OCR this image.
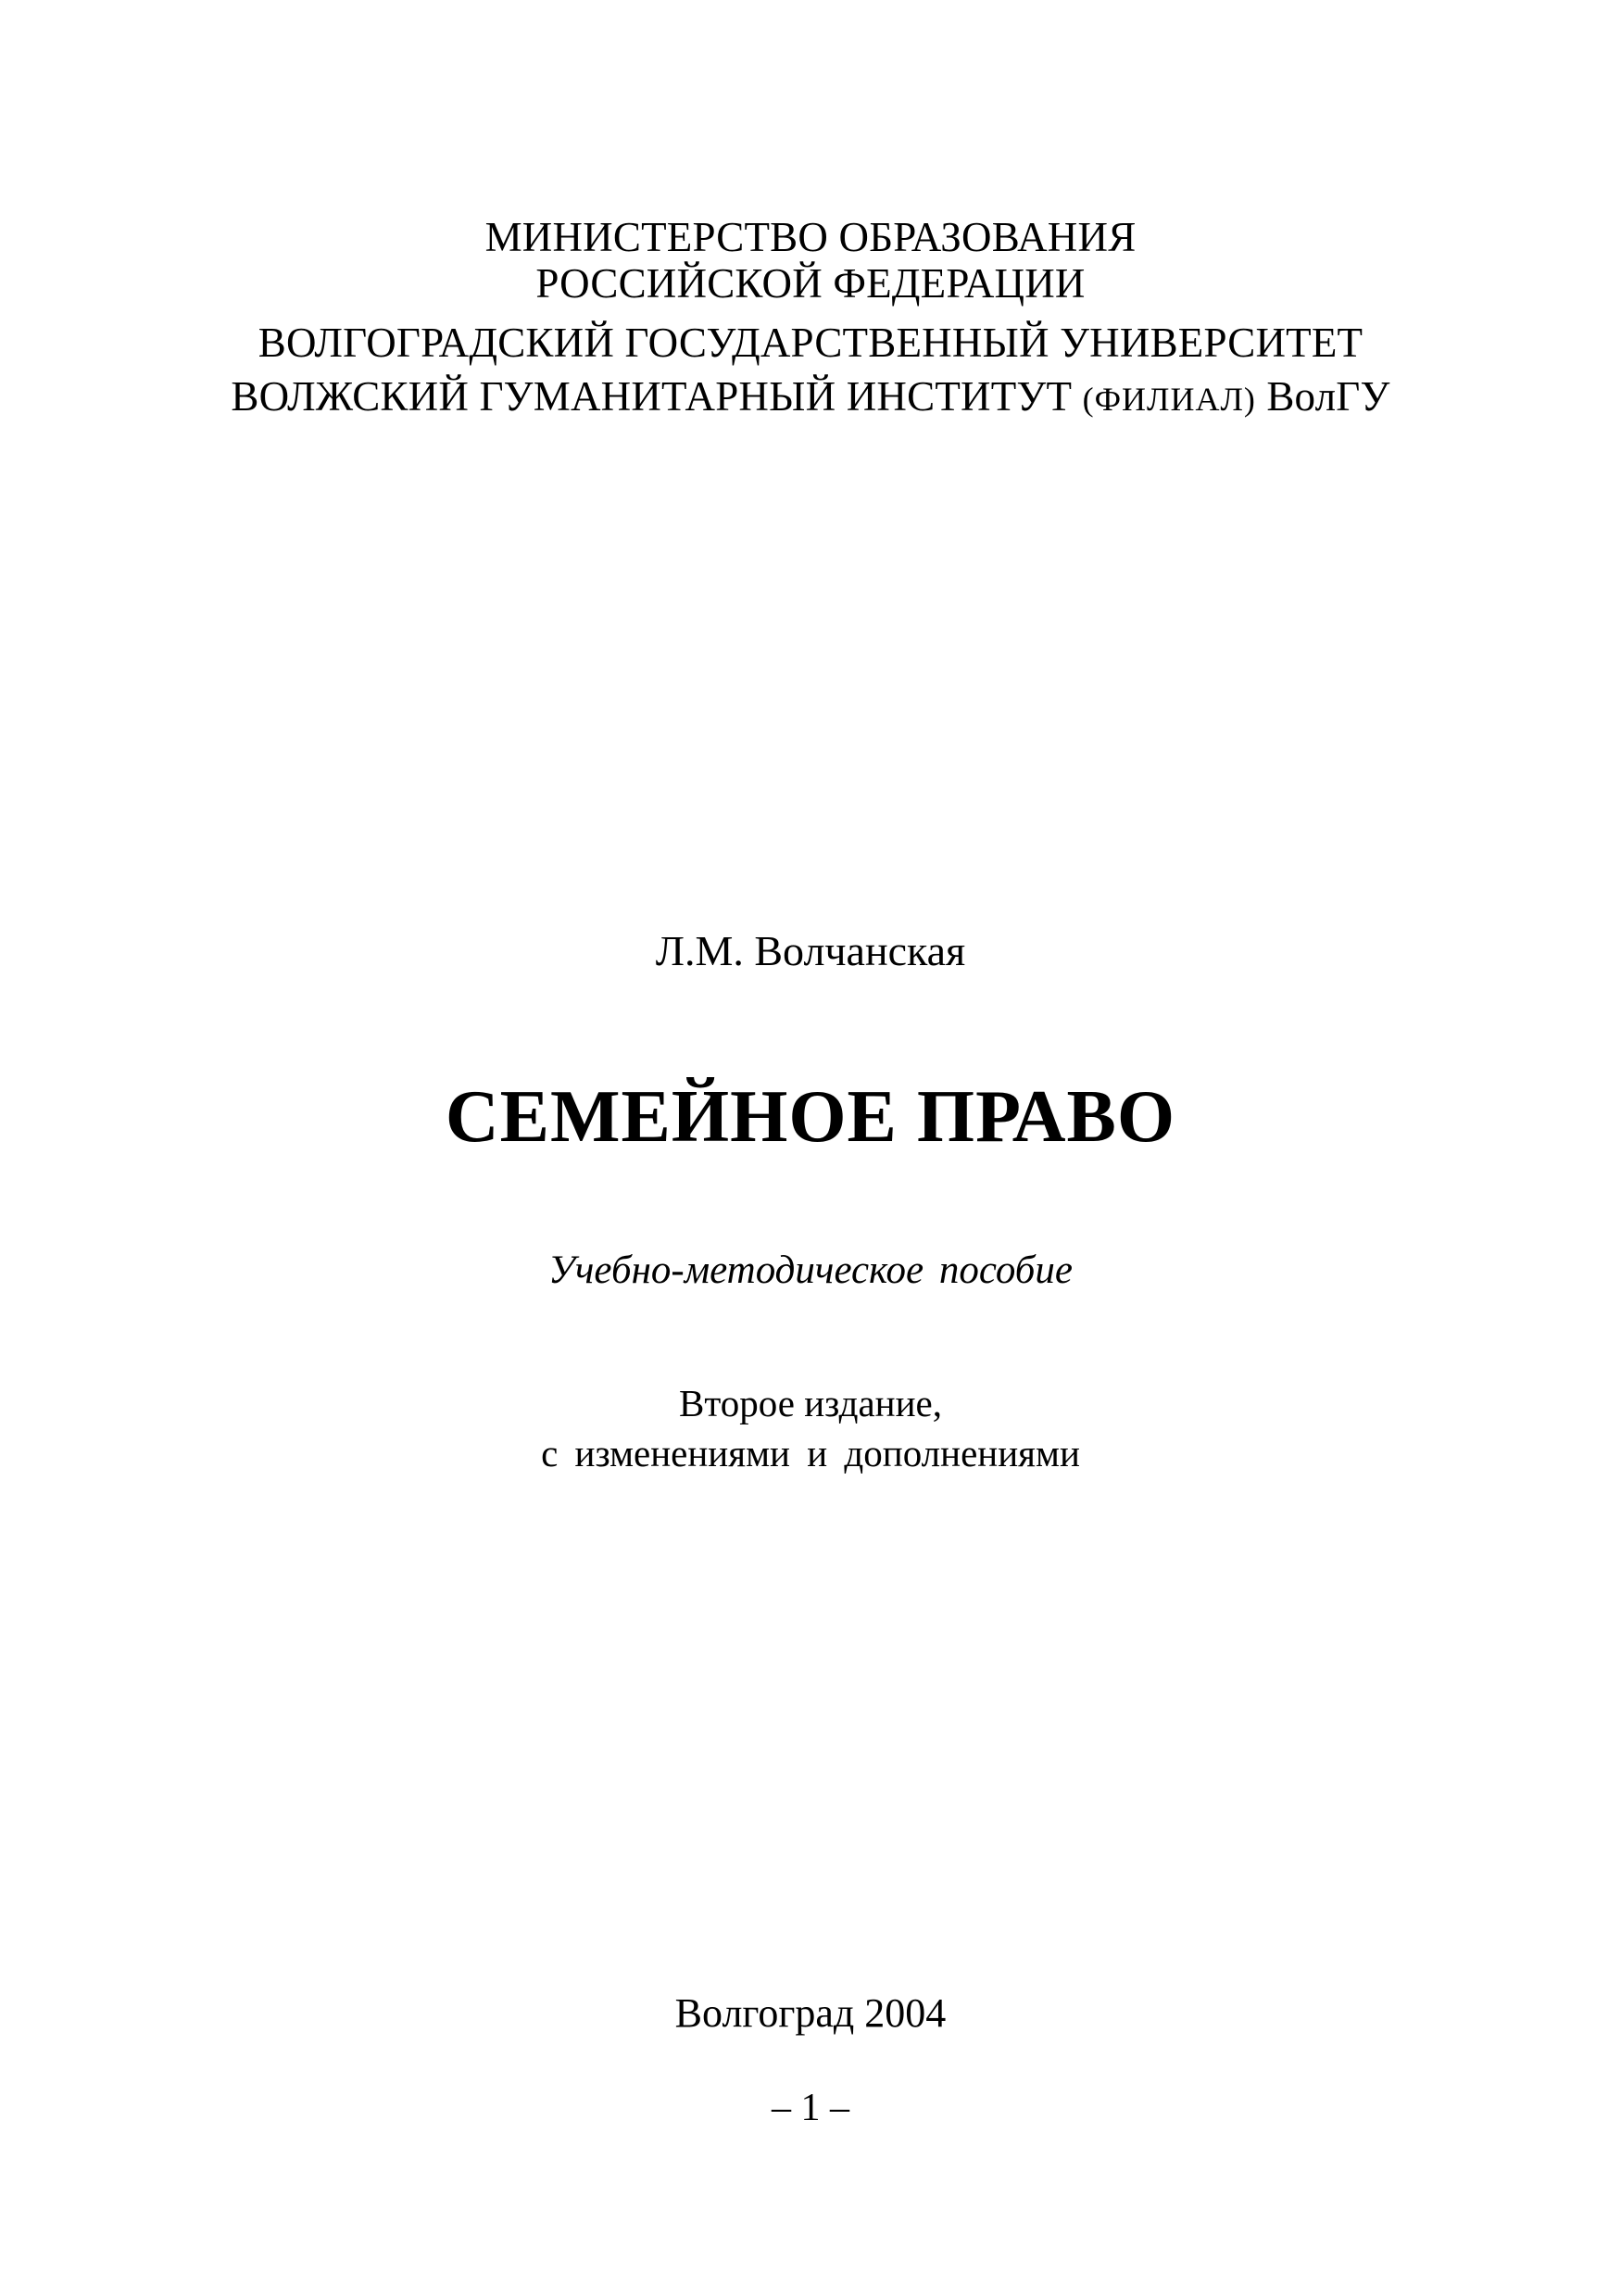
МИНИСТЕРСТВО ОБРАЗОВАНИЯ
РОССИЙСКОЙ ФЕДЕРАЦИИ
ВОЛГОГРАДСКИЙ ГОСУДАРСТВЕННЫЙ УНИВЕРСИТЕТ
ВОЛЖСКИЙ ГУМАНИТАРНЫЙ ИНСТИТУТ (ФИЛИАЛ) ВолГУ
Л.М. Волчанская
СЕМЕЙНОЕ ПРАВО
Учебно-методическое пособие
Второе издание,
с изменениями и дополнениями
Волгоград 2004
– 1 –
